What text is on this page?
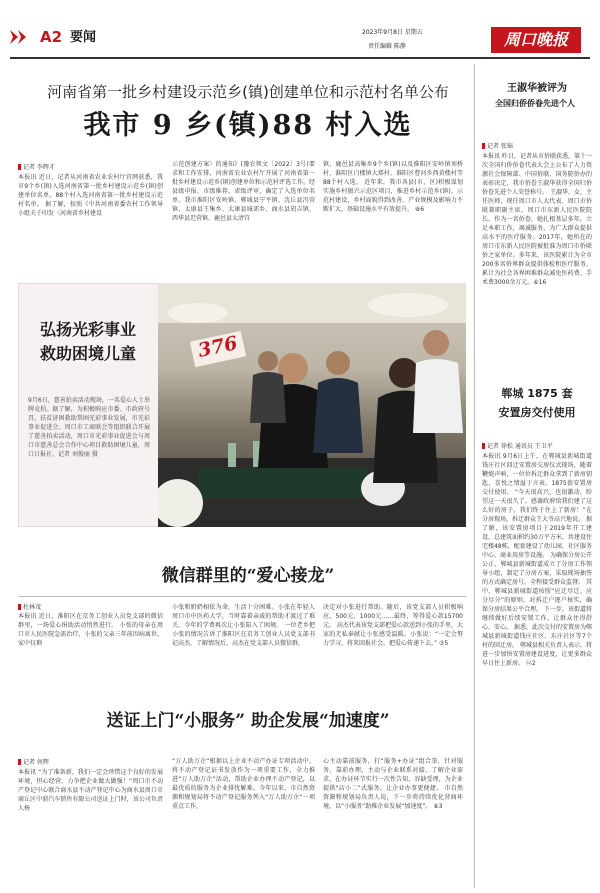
A2 要闻	2023年9月8日 星期五
责任编辑 陈静	周口晚报
河南省第一批乡村建设示范乡(镇)创建单位和示范村名单公布
我市 9 乡(镇)88 村入选
记者 李辉才
本报讯 近日，记者从河南省农业农村厅官网获悉，我市9个乡(镇)入选河南省第一批乡村建设示范乡(镇)创建单位名单，88个村入选河南省第一批乡村建设示范村名单。 据了解，按照《中共河南省委农村工作领导小组关于印发〈河南省乡村建设
示范创建方案〉的通知》(豫农领文〔2022〕3号)要求和工作安排，河南省农业农村厅开展了河南省第一批乡村建设示范乡(镇)创建单位和示范村评选工作。经县级申报、市级推荐、省级评审，确定了入选单位名单。我市淮阳区安岭镇、郸城县宁平镇、沈丘县冯营镇、太康县王集乡、太康县城郊乡、商水县胡吉镇、西华县迟营镇、鹿邑县太清宫
镇、鹿邑县高集乡9个乡(镇)以及淮阳区安岭镇刘桥村、淮阳区白楼镇大郑村、淮阳区曹河乡西黄楼村等88个村入选。 近年来，我市各县(市、区)积极谋划实施乡村振兴示范区项目，推进乡村示范乡(镇)、示范村建设，乡村面貌得到改善，产业规模及影响力不断扩大，基础设施水平有效提升。 ⑧6
弘扬光彩事业
救助困境儿童
9月6日，慈善拍卖活动现场，一名爱心人士举牌竞拍。据了解，为积极响应市委、市政府号召，扶贫济困救助帮困光彩事业发展，市光彩事业促进会、周口市工商联会等组织联合开展了慈善拍卖活动，周口市光彩事业促进会与周口市慈善总会合作中心项目救助困境儿童，周口日报社、记者 刘俊丽 摄
376
微信群里的“爱心接龙”
杜林茂
本报讯 近日，淮阳区在京务工创业人员党支部的微信群里，一场爱心捐助活动悄然进行。 小张的母亲在周口市人民医院急需治疗，小张的父亲三年前因病离世，家中仅剩
小张和奶奶相依为命，生活十分困难。小张在年轻人周口市中医药大学，当时靠着亲戚的帮助才渡过了难关，今年的学费再次让小张陷入了困境。 一位老乡把小张的情况告诉了淮阳区在京务工创业人员党支部书记高杰，了解情况后，高杰在党支部人员微信群，
决定对小张进行帮助。随后，该党支部人员积极响应，500元、1000元……最终，筹得爱心款15700元。 高杰代表该党支部把爱心款送到小张的手里，大家的无私奉献让小张感受温暖。小张说：“一定会努力学习，将来回报社会，把爱心传递下去。” ⑦5
送证上门“小服务” 助企发展“加速度”
记者 何辉
本报讯 “为了准备新，我们一定会珍惜这个良好的发展环境，恒心经营，力争把企业做大做强！”周口市不动产登记中心联合商水县不动产登记中心为商水县周口市商丘区中鼎汽车销售有限公司送证上门时，该公司负责人杨
“万人助万企”根据以上企业不动产办证专项活动中，将不动产登记证书发放作为一项重要工作，全力推进“万人助万企”活动，帮助企业办理不动产登记，以最优质的服务为企业排忧解难。今年以来，市自然资源和规划局将不动产登记服务列入“万人助万企”一项重点工作，
心主动靠前服务，打“服务+办证”组合拳，针对服务、靠前办理，主动与企业联系对接，了解企业需求，在办证环节实行一次性告知、容缺受理，为企业提供“店小二”式服务，让企业办事更便捷。 市自然资源和规划局负责人说，下一步将持续优化营商环境，以“小服务”助推企业发展“加速度”。 ⑧3
王淑华被评为
全国归侨侨眷先进个人
记者 张锦
本报讯 昨日，记者从市侨联获悉，第十一次全国归侨侨眷代表大会上公布了人力资源社会保障部、中国侨联、国务院侨办的表彰决定，我市侨眷王淑华获得全国归侨侨眷先进个人荣誉称号。 王淑华，女，主任医师，现任周口市人大代表、周口市侨联兼职副主席，周口市东新人民医院院长。作为一名侨眷，她扎根基层多年，立足本职工作，竭诚服务，为广大群众提供高水平的医疗服务。2017年，她所在的周口市东新人民医院被批准为周口市侨联侨之家单位。多年来，该医院累计为全市200多名侨界群众提供体检和医疗服务，累计为社会各界困难群众减免医药费、手术费3000余万元。⑥16
郸城 1875 套
安置房交付使用
记者 徐松 通讯员 王卫平
本报讯 9月6日上午，在郸城县新城街道钱庄社区回迁安置房交房仪式现场，随着鞭炮声响，一位位拆迁群众拿到了新房钥匙，喜悦之情溢于言表。1875套安置房交付使用。 “今天很高兴，也很激动，盼望这一天很久了。感谢政府给我们建了这么好的房子，我们终于住上了新房！”在分房现场，拆迁群众王大爷高兴地说。 据了解，该安置房项目于2019年开工建设，总建筑面积约30万平方米，共建设住宅楼48栋，配套建设了幼儿园、社区服务中心、商业用房等设施。 为确保分房公开公正，郸城县新城街道成立了分房工作领导小组，制定了分房方案，采取现场抽签的方式确定房号，全程接受群众监督。 其中，郸城县新城街道按照“应迁尽迁、应分尽分”的原则，对拆迁户逐户核实，确保分房结果公平合理。 下一步，该街道将继续做好后续安置工作，让群众住得舒心、安心。 据悉，此次交付的安置房为郸城县新城街道钱庄社区、东庄社区等7个村的回迁房。 郸城县相关负责人表示，将进一步加快安置房建设进度，让更多群众早日住上新房。 ⑫2
